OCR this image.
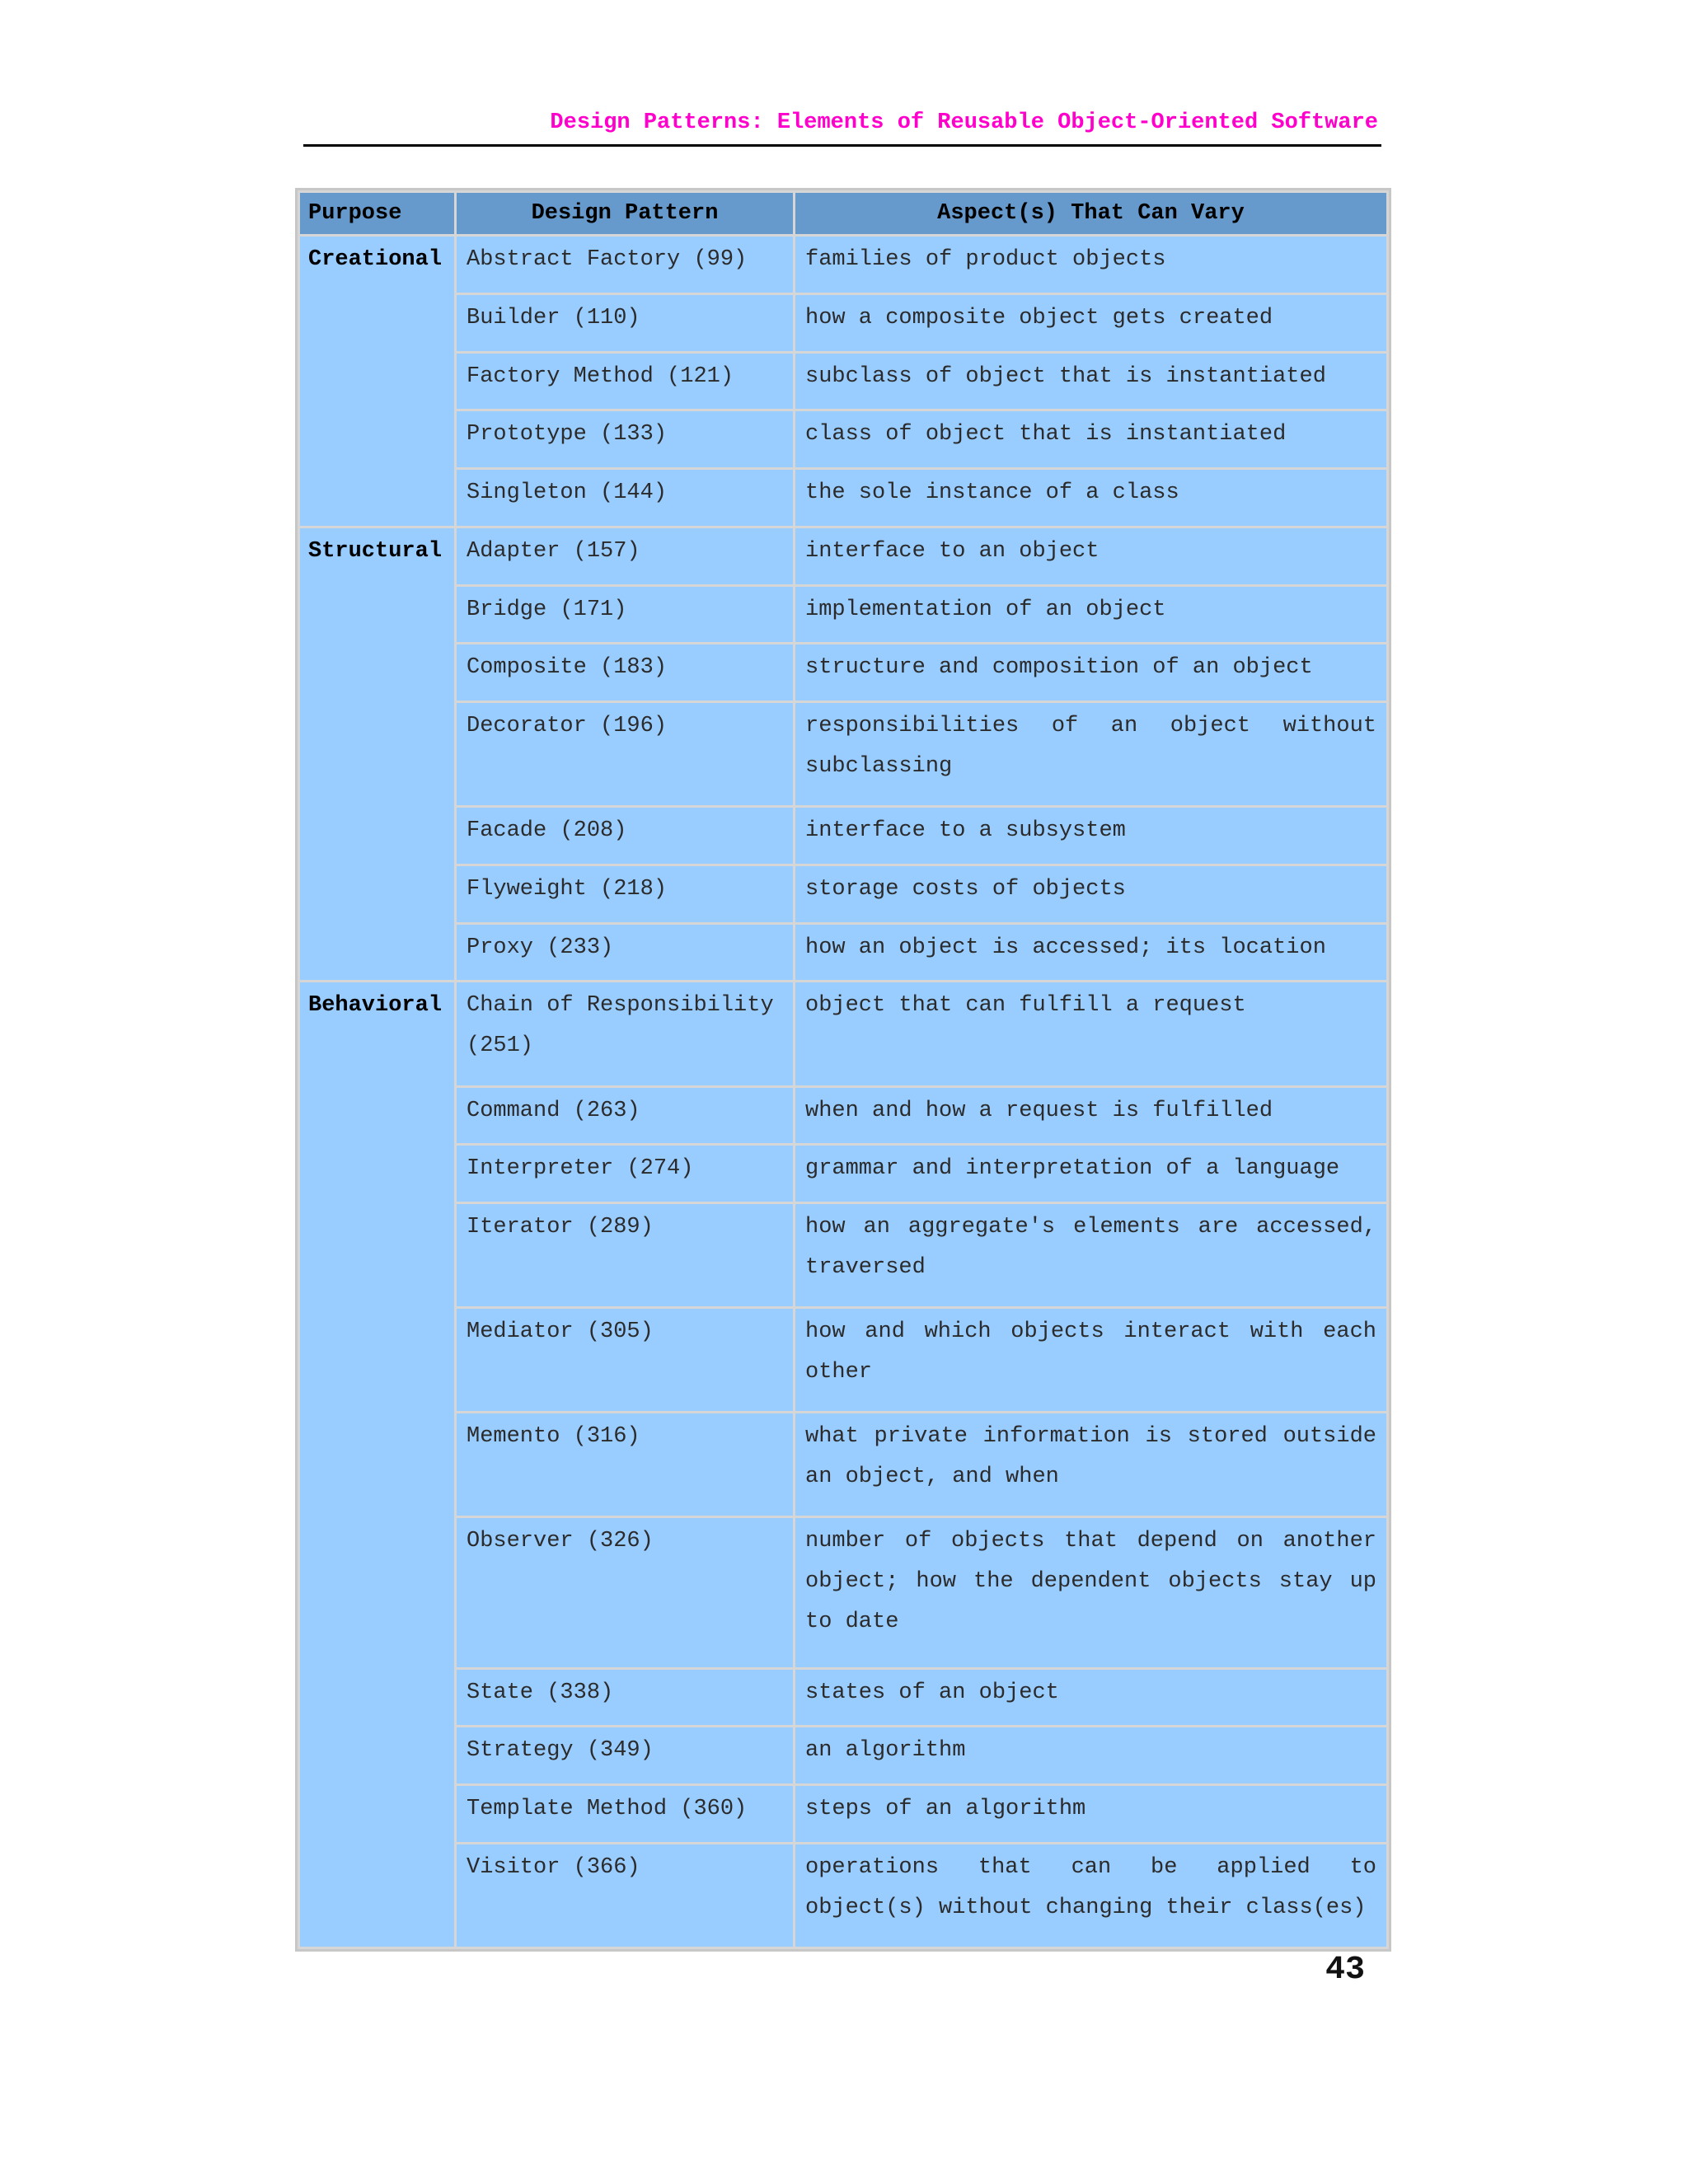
Design Patterns: Elements of Reusable Object-Oriented Software
Purpose	Design Pattern	Aspect(s) That Can Vary
Creational	Abstract Factory (99)	families of product objects
	Builder (110)	how a composite object gets created
	Factory Method (121)	subclass of object that is instantiated
	Prototype (133)	class of object that is instantiated
	Singleton (144)	the sole instance of a class
Structural	Adapter (157)	interface to an object
	Bridge (171)	implementation of an object
	Composite (183)	structure and composition of an object
	Decorator (196)	responsibilities of an object without subclassing
	Facade (208)	interface to a subsystem
	Flyweight (218)	storage costs of objects
	Proxy (233)	how an object is accessed; its location
Behavioral	Chain of Responsibility (251)	object that can fulfill a request
	Command (263)	when and how a request is fulfilled
	Interpreter (274)	grammar and interpretation of a language
	Iterator (289)	how an aggregate's elements are accessed, traversed
	Mediator (305)	how and which objects interact with each other
	Memento (316)	what private information is stored outside an object, and when
	Observer (326)	number of objects that depend on another object; how the dependent objects stay up to date
	State (338)	states of an object
	Strategy (349)	an algorithm
	Template Method (360)	steps of an algorithm
	Visitor (366)	operations that can be applied to object(s) without changing their class(es)
43
